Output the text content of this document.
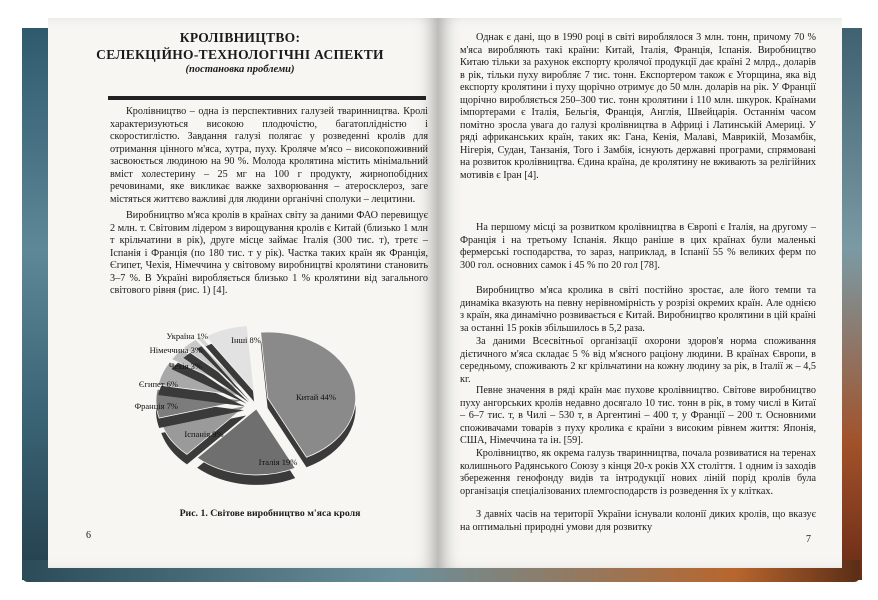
КРОЛІВНИЦТВО:
СЕЛЕКЦІЙНО-ТЕХНОЛОГІЧНІ АСПЕКТИ
(постановка проблеми)

Кролівництво – одна із перспективних галузей тваринництва. Кролі характеризуються високою плодючістю, багатоплідністю і скоростиглістю. Завдання галузі полягає у розведенні кролів для отримання цінного м'яса, хутра, пуху. Кроляче м'ясо – високопоживний засвоюється людиною на 90 %. Молода кролятина містить мінімальний вміст холестерину – 25 мг на 100 г продукту, жирнопобідних речовинами, яке викликає важке захворювання – атеросклероз, заге містяться життєво важливі для людини органічні сполуки – лецитини.

Виробництво м'яса кролів в країнах світу за даними ФАО перевищує 2 млн. т. Світовим лідером з вирощування кролів є Китай (близько 1 млн т крільчатини в рік), друге місце займає Італія (300 тис. т), третє – Іспанія і Франція (по 180 тис. т у рік). Частка таких країн як Франція, Єгипет, Чехія, Німеччина у світовому виробництві кролятини становить 3–7 %. В Україні виробляється близько 1 % кролятини від загального світового рівня (рис. 1) [4].

Китай 44%
Італія 19%
Іспанія 9%
Франція 7%
Єгипет 6%
Чехія 3%
Німеччина 3%
Україна 1%	Інші 8%
Рис. 1. Світове виробництво м'яса кроля
6

Однак є дані, що в 1990 році в світі вироблялося 3 млн. тонн, причому 70 % м'яса виробляють такі країни: Китай, Італія, Франція, Іспанія. Виробництво Китаю тільки за рахунок експорту кролячої продукції дає країні 2 млрд., доларів в рік, тільки пуху виробляє 7 тис. тонн. Експортером також є Угорщина, яка від експорту кролятини і пуху щорічно отримує до 50 млн. доларів на рік. У Франції щорічно виробляється 250–300 тис. тонн кролятини і 110 млн. шкурок. Країнами імпортерами є Італія, Бельгія, Франція, Англія, Швейцарія. Останнім часом помітно зросла увага до галузі кролівництва в Африці і Латинській Америці. У ряді африканських країн, таких як: Гана, Кенія, Малаві, Маврикій, Мозамбік, Нігерія, Судан, Танзанія, Того і Замбія, існують державні програми, спрямовані на розвиток кролівництва. Єдина країна, де кролятину не вживають за релігійних мотивів є Іран [4].

На першому місці за розвитком кролівництва в Європі є Італія, на другому – Франція і на третьому Іспанія. Якщо раніше в цих країнах були маленькі фермерські господарства, то зараз, наприклад, в Іспанії 55 % великих ферм по 300 гол. основних самок і 45 % по 20 гол [78].

Виробництво м'яса кролика в світі постійно зростає, але його темпи та динаміка вказують на певну нерівномірність у розрізі окремих країн. Але однією з країн, яка динамічно розвивається є Китай. Виробництво кролятини в цій країні за останні 15 років збільшилось в 5,2 раза.

За даними Всесвітньої організації охорони здоров'я норма споживання дієтичного м'яса складає 5 % від м'ясного раціону людини. В країнах Європи, в середньому, споживають 2 кг крільчатини на кожну людину за рік, в Італії ж – 4,5 кг.

Певне значення в ряді країн має пухове кролівництво. Світове виробництво пуху ангорських кролів недавно досягало 10 тис. тонн в рік, в тому числі в Китаї – 6–7 тис. т, в Чилі – 530 т, в Аргентині – 400 т, у Франції – 200 т. Основними споживачами товарів з пуху кролика є країни з високим рівнем життя: Японія, США, Німеччина та ін. [59].

Кролівництво, як окрема галузь тваринництва, почала розвиватися на теренах колишнього Радянського Союзу з кінця 20-х років XX століття. 1 одним із заходів збереження генофонду видів та інтродукції нових ліній порід кролів була організація спеціалізованих племгосподарств із розведення їх у клітках.

З давніх часів на території України існували колонії диких кролів, що вказує на оптимальні природні умови для розвитку

7
